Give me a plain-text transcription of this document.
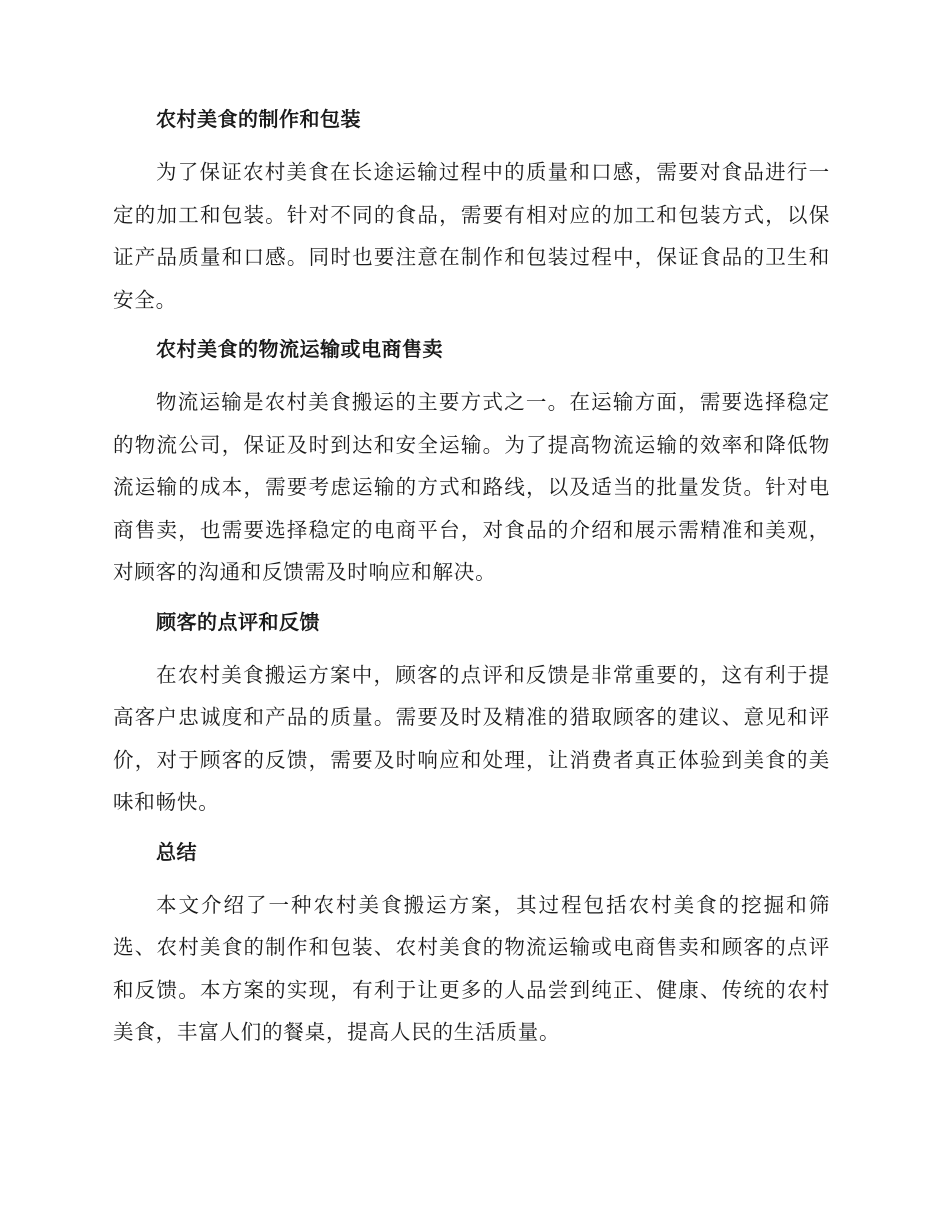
农村美食的制作和包装

为了保证农村美食在长途运输过程中的质量和口感，需要对食品进行一定的加工和包装。针对不同的食品，需要有相对应的加工和包装方式，以保证产品质量和口感。同时也要注意在制作和包装过程中，保证食品的卫生和安全。

农村美食的物流运输或电商售卖

物流运输是农村美食搬运的主要方式之一。在运输方面，需要选择稳定的物流公司，保证及时到达和安全运输。为了提高物流运输的效率和降低物流运输的成本，需要考虑运输的方式和路线，以及适当的批量发货。针对电商售卖，也需要选择稳定的电商平台，对食品的介绍和展示需精准和美观，对顾客的沟通和反馈需及时响应和解决。

顾客的点评和反馈

在农村美食搬运方案中，顾客的点评和反馈是非常重要的，这有利于提高客户忠诚度和产品的质量。需要及时及精准的猎取顾客的建议、意见和评价，对于顾客的反馈，需要及时响应和处理，让消费者真正体验到美食的美味和畅快。

总结

本文介绍了一种农村美食搬运方案，其过程包括农村美食的挖掘和筛选、农村美食的制作和包装、农村美食的物流运输或电商售卖和顾客的点评和反馈。本方案的实现，有利于让更多的人品尝到纯正、健康、传统的农村美食，丰富人们的餐桌，提高人民的生活质量。
